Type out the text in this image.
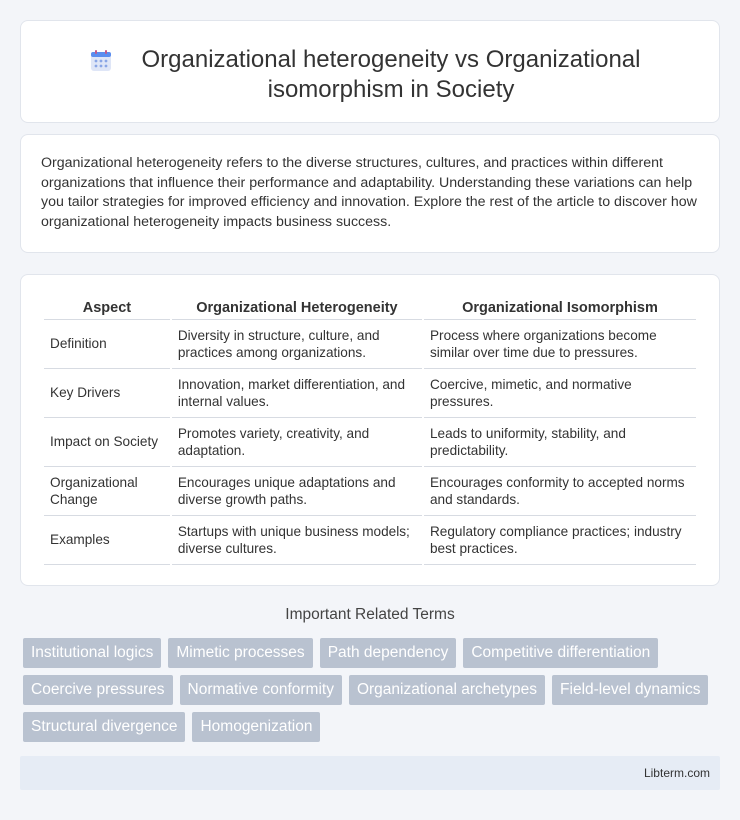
Organizational heterogeneity vs Organizational isomorphism in Society

Organizational heterogeneity refers to the diverse structures, cultures, and practices within different organizations that influence their performance and adaptability. Understanding these variations can help you tailor strategies for improved efficiency and innovation. Explore the rest of the article to discover how organizational heterogeneity impacts business success.

Aspect	Organizational Heterogeneity	Organizational Isomorphism
Definition	Diversity in structure, culture, and practices among organizations.	Process where organizations become similar over time due to pressures.
Key Drivers	Innovation, market differentiation, and internal values.	Coercive, mimetic, and normative pressures.
Impact on Society	Promotes variety, creativity, and adaptation.	Leads to uniformity, stability, and predictability.
Organizational Change	Encourages unique adaptations and diverse growth paths.	Encourages conformity to accepted norms and standards.
Examples	Startups with unique business models; diverse cultures.	Regulatory compliance practices; industry best practices.
Important Related Terms
Institutional logics	Mimetic processes	Path dependency	Competitive differentiation
Coercive pressures	Normative conformity	Organizational archetypes	Field-level dynamics
Structural divergence	Homogenization
Libterm.com
